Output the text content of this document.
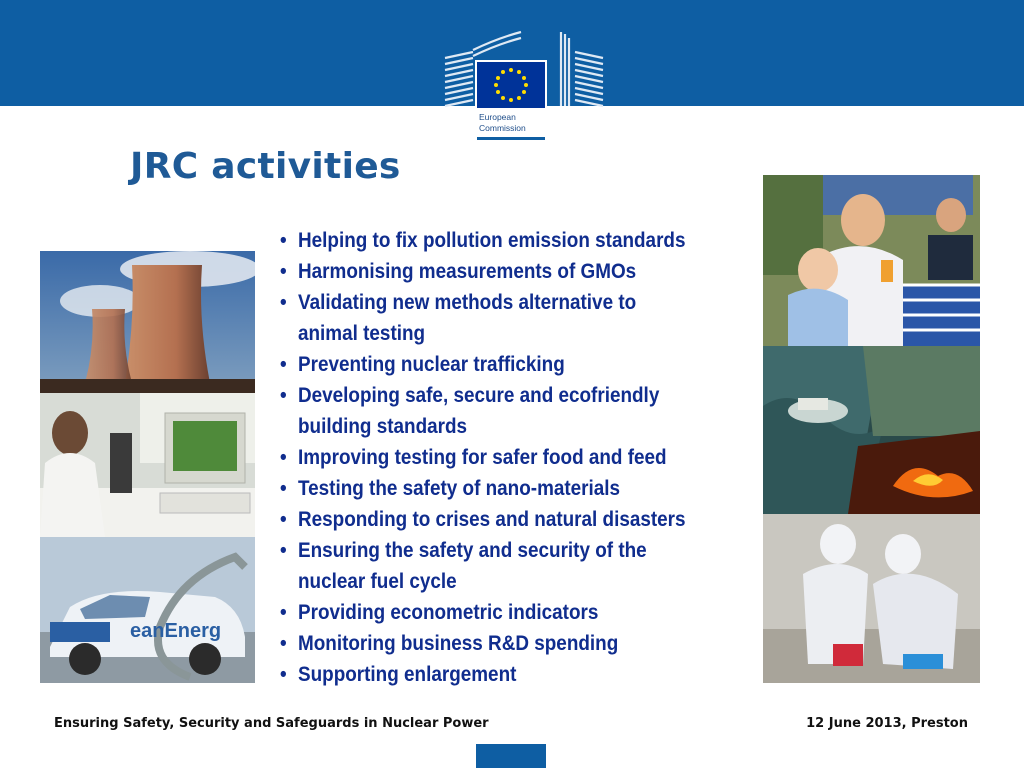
European
Commission
JRC activities
• Helping to fix pollution emission standards
• Harmonising measurements of GMOs
• Validating new methods alternative to
animal testing
• Preventing nuclear trafficking
• Developing safe, secure and ecofriendly
building standards
• Improving testing for safer food and feed
• Testing the safety of nano-materials
• Responding to crises and natural disasters
• Ensuring the safety and security of the
nuclear fuel cycle
• Providing econometric indicators
• Monitoring business R&D spending
• Supporting enlargement
eanEnerg
Ensuring Safety, Security and Safeguards in Nuclear Power	12 June 2013, Preston
